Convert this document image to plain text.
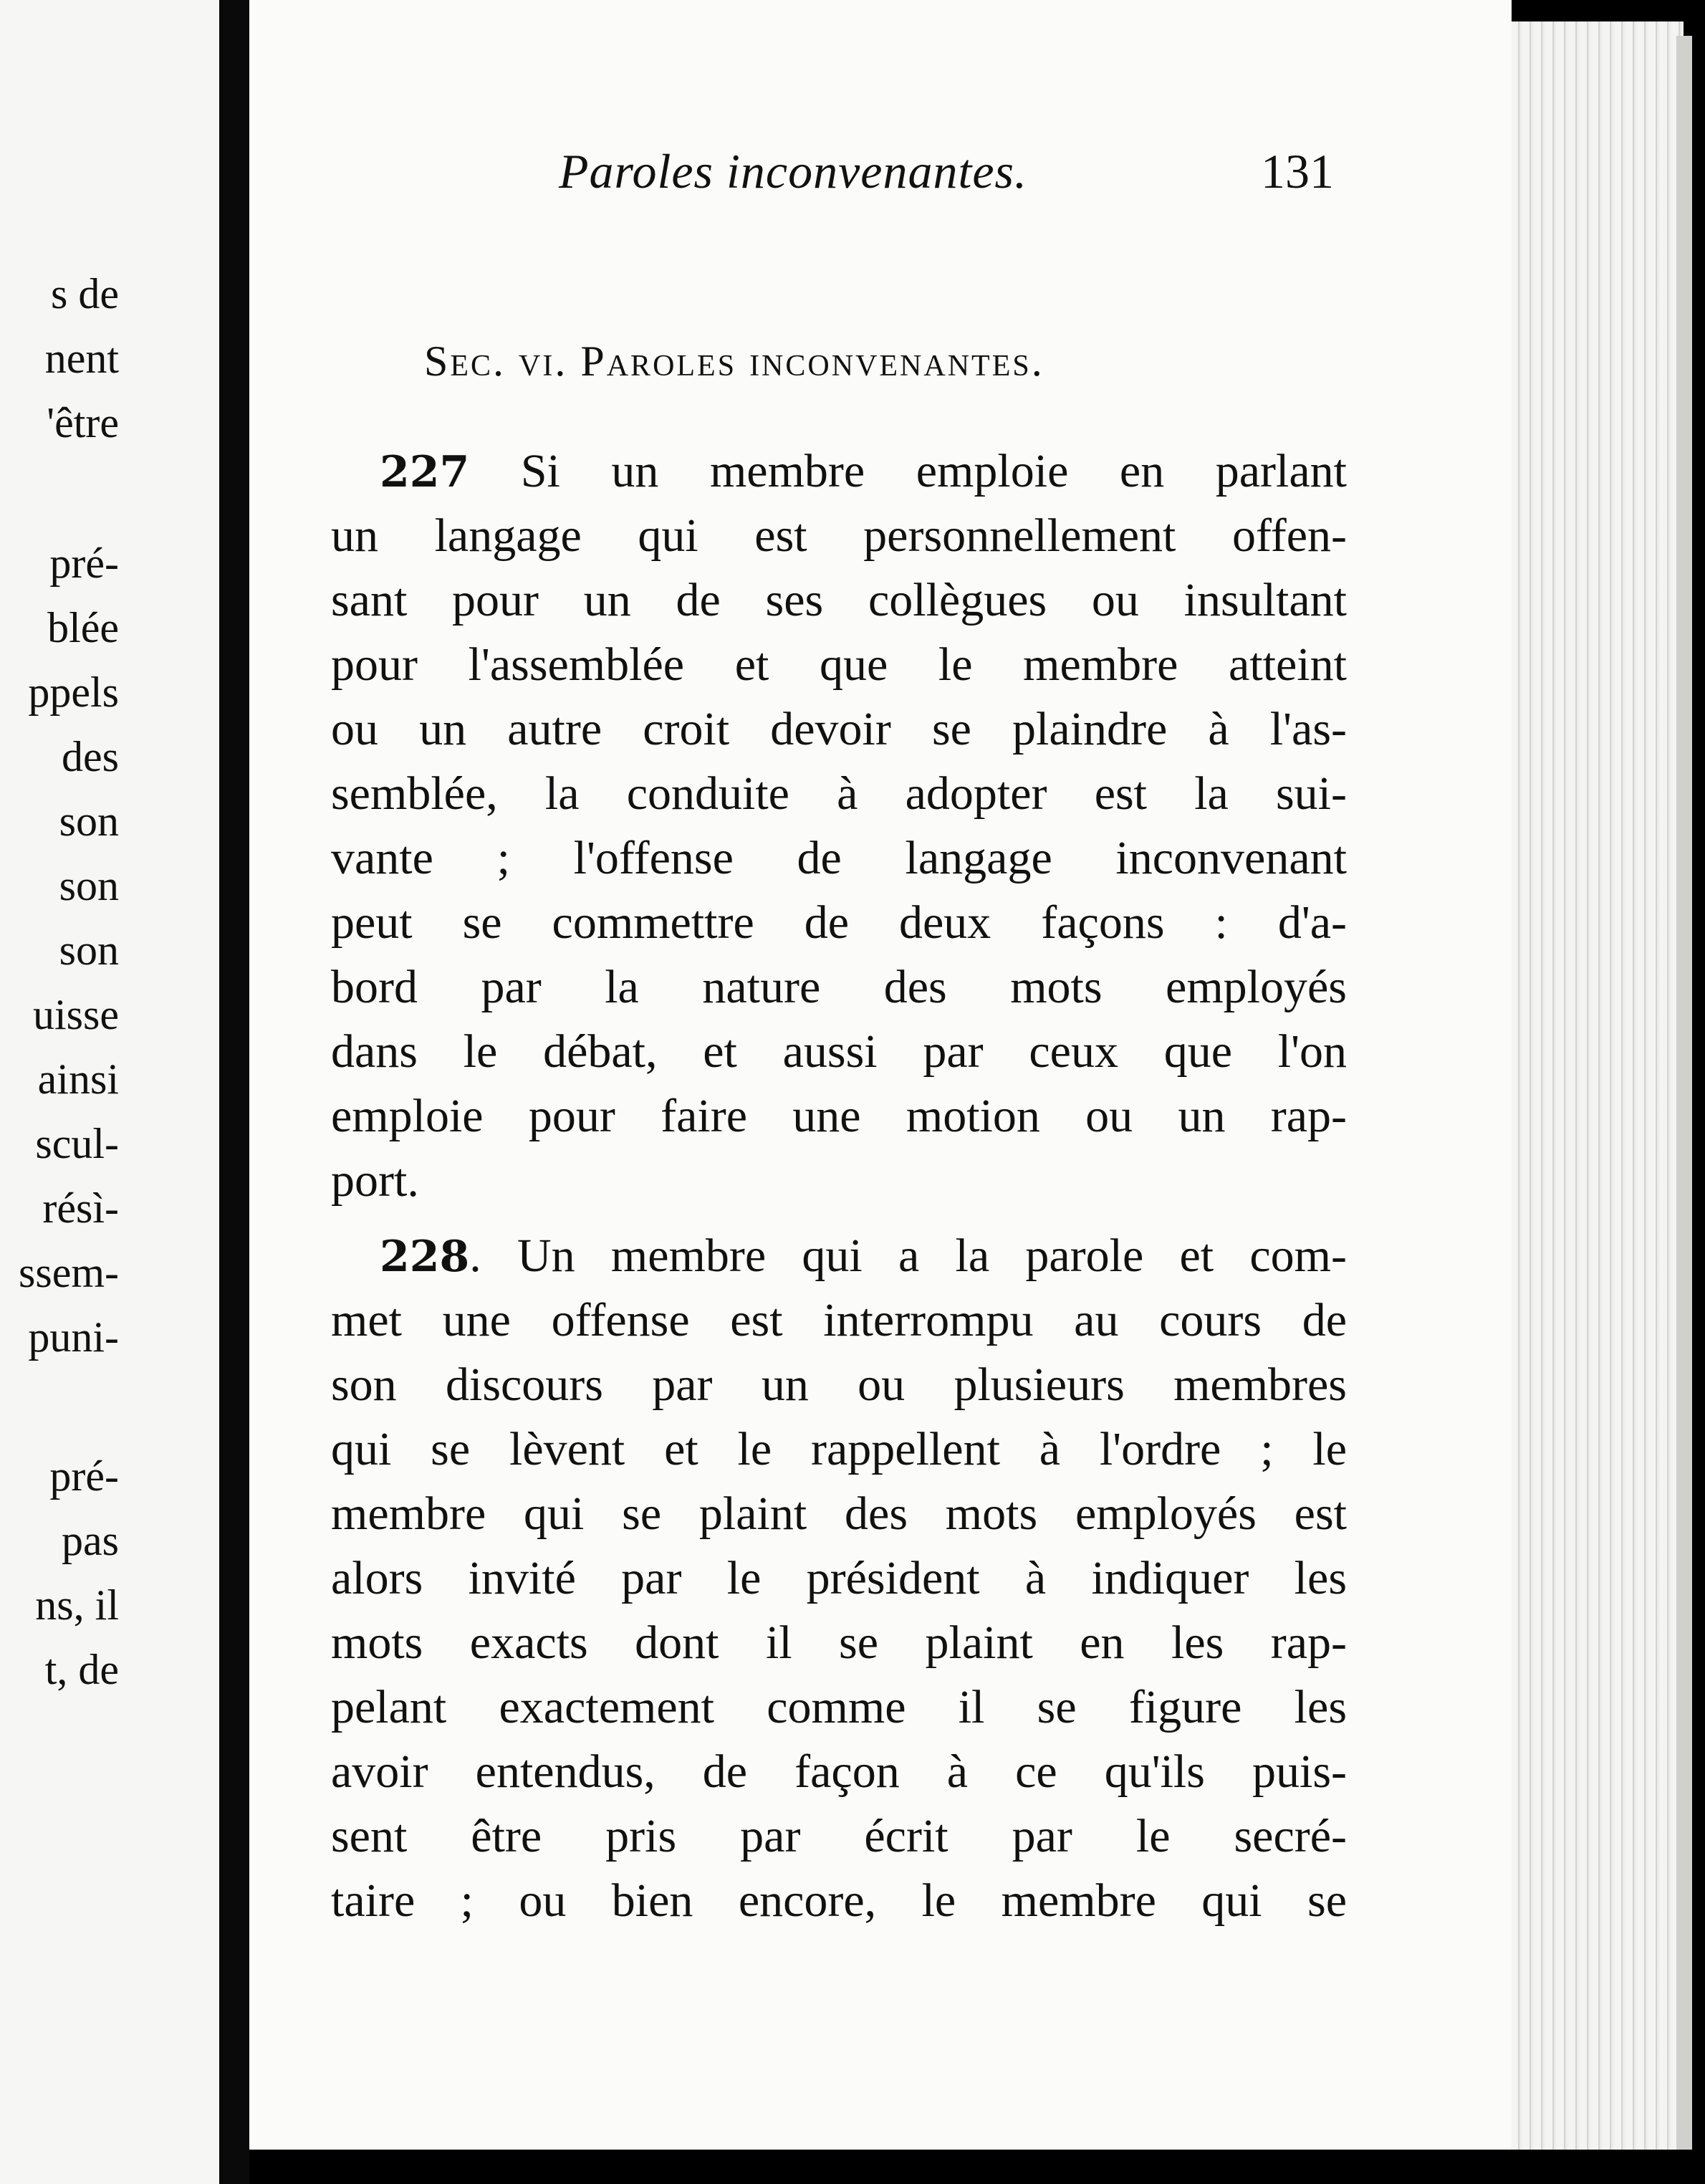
s de
nent
'être
pré-
blée
ppels
des
son
son
son
uisse
ainsi
scul-
résì-
ssem-
puni-
pré-
pas
ns, il
t, de
Paroles inconvenantes.	131
Sec. vi. Paroles inconvenantes.
227 Si un membre emploie en parlant
un langage qui est personnellement offen-
sant pour un de ses collègues ou insultant
pour l'assemblée et que le membre atteint
ou un autre croit devoir se plaindre à l'as-
semblée, la conduite à adopter est la sui-
vante ; l'offense de langage inconvenant
peut se commettre de deux façons : d'a-
bord par la nature des mots employés
dans le débat, et aussi par ceux que l'on
emploie pour faire une motion ou un rap-
port.
228. Un membre qui a la parole et com-
met une offense est interrompu au cours de
son discours par un ou plusieurs membres
qui se lèvent et le rappellent à l'ordre ; le
membre qui se plaint des mots employés est
alors invité par le président à indiquer les
mots exacts dont il se plaint en les rap-
pelant exactement comme il se figure les
avoir entendus, de façon à ce qu'ils puis-
sent être pris par écrit par le secré-
taire ; ou bien encore, le membre qui se
